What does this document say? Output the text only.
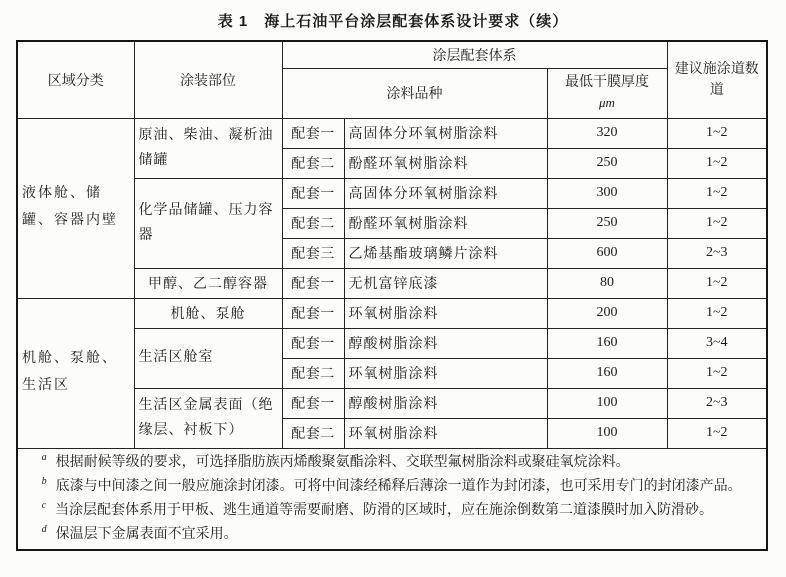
表 1　海上石油平台涂层配套体系设计要求（续）
区域分类	涂装部位	涂层配套体系			建议施涂道数
道
		涂料品种		最低干膜厚度
μm	
液体舱、储罐、容器内壁	原油、柴油、凝析油储罐	配套一	高固体分环氧树脂涂料	320	1~2
		配套二	酚醛环氧树脂涂料	250	1~2
	化学品储罐、压力容器	配套一	高固体分环氧树脂涂料	300	1~2
		配套二	酚醛环氧树脂涂料	250	1~2
		配套三	乙烯基酯玻璃鳞片涂料	600	2~3
	甲醇、乙二醇容器	配套一	无机富锌底漆	80	1~2
机舱、泵舱、生活区	机舱、泵舱	配套一	环氧树脂涂料	200	1~2
	生活区舱室	配套一	醇酸树脂涂料	160	3~4
		配套二	环氧树脂涂料	160	1~2
	生活区金属表面（绝缘层、衬板下）	配套一	醇酸树脂涂料	100	2~3
		配套二	环氧树脂涂料	100	1~2

$^a$ 根据耐候等级的要求，可选择脂肪族丙烯酸聚氨酯涂料、交联型氟树脂涂料或聚硅氧烷涂料。

$^b$ 底漆与中间漆之间一般应施涂封闭漆。可将中间漆经稀释后薄涂一道作为封闭漆，也可采用专门的封闭漆产品。

$^c$ 当涂层配套体系用于甲板、逃生通道等需要耐磨、防滑的区域时，应在施涂倒数第二道漆膜时加入防滑砂。

$^d$ 保温层下金属表面不宜采用。					
